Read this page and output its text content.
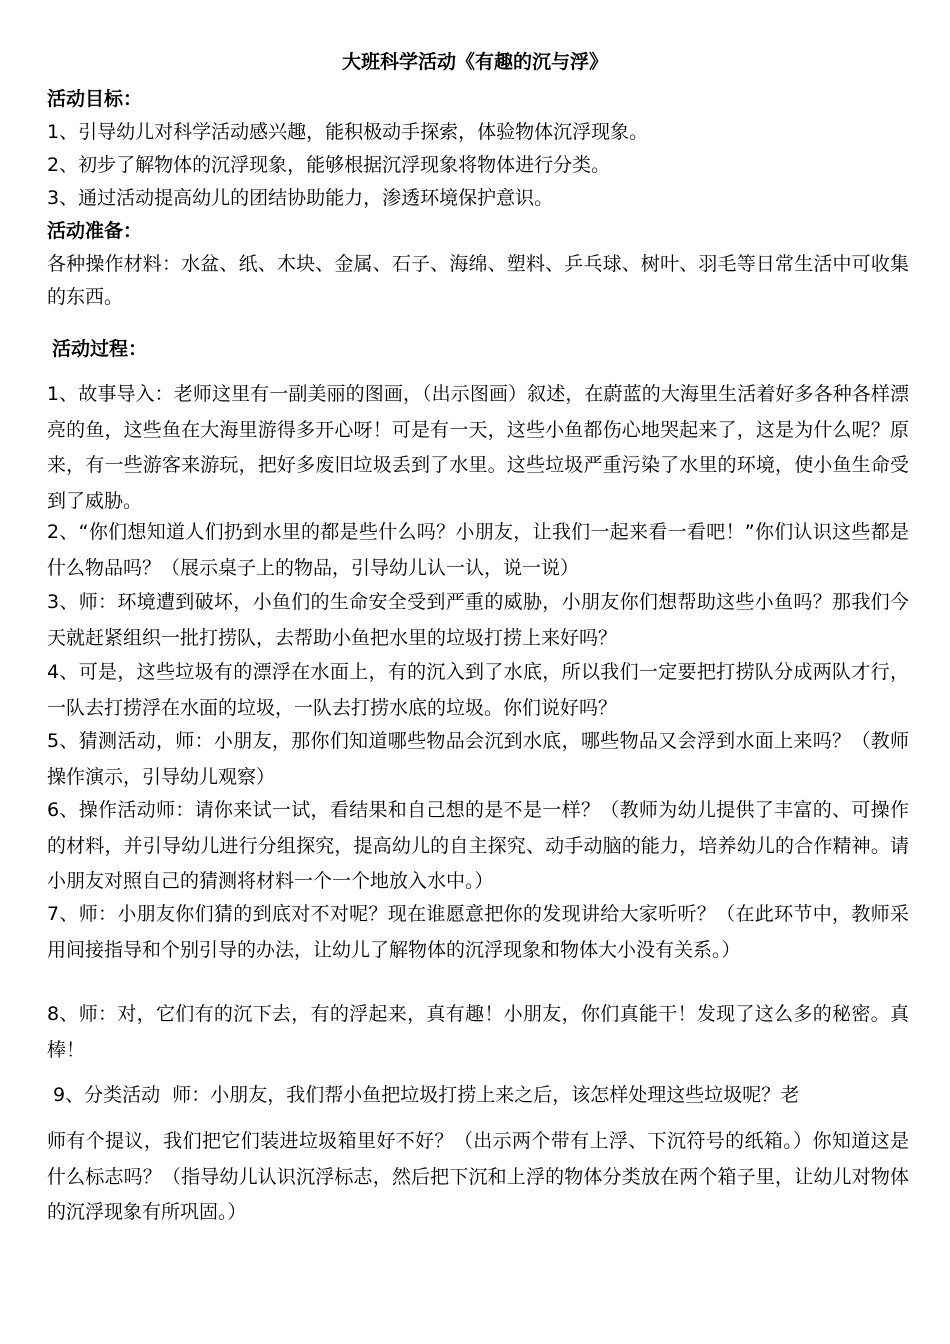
大班科学活动《有趣的沉与浮》
活动目标：
1、引导幼儿对科学活动感兴趣，能积极动手探索，体验物体沉浮现象。
2、初步了解物体的沉浮现象，能够根据沉浮现象将物体进行分类。
3、通过活动提高幼儿的团结协助能力，渗透环境保护意识。
活动准备：
各种操作材料：水盆、纸、木块、金属、石子、海绵、塑料、乒乓球、树叶、羽毛等日常生活中可收集的东西。
活动过程：
1、故事导入：老师这里有一副美丽的图画，（出示图画）叙述，在蔚蓝的大海里生活着好多各种各样漂亮的鱼，这些鱼在大海里游得多开心呀！可是有一天，这些小鱼都伤心地哭起来了，这是为什么呢？原来，有一些游客来游玩，把好多废旧垃圾丢到了水里。这些垃圾严重污染了水里的环境，使小鱼生命受到了威胁。
2、“你们想知道人们扔到水里的都是些什么吗？小朋友，让我们一起来看一看吧！”你们认识这些都是什么物品吗？（展示桌子上的物品，引导幼儿认一认，说一说）
3、师：环境遭到破坏，小鱼们的生命安全受到严重的威胁，小朋友你们想帮助这些小鱼吗？那我们今天就赶紧组织一批打捞队，去帮助小鱼把水里的垃圾打捞上来好吗？
4、可是，这些垃圾有的漂浮在水面上，有的沉入到了水底，所以我们一定要把打捞队分成两队才行，一队去打捞浮在水面的垃圾，一队去打捞水底的垃圾。你们说好吗？
5、猜测活动，师：小朋友，那你们知道哪些物品会沉到水底，哪些物品又会浮到水面上来吗？（教师操作演示，引导幼儿观察）
6、操作活动师：请你来试一试，看结果和自己想的是不是一样？（教师为幼儿提供了丰富的、可操作的材料，并引导幼儿进行分组探究，提高幼儿的自主探究、动手动脑的能力，培养幼儿的合作精神。请小朋友对照自己的猜测将材料一个一个地放入水中。）
7、师：小朋友你们猜的到底对不对呢？现在谁愿意把你的发现讲给大家听听？（在此环节中，教师采用间接指导和个别引导的办法，让幼儿了解物体的沉浮现象和物体大小没有关系。）
8、师：对，它们有的沉下去，有的浮起来，真有趣！小朋友，你们真能干！发现了这么多的秘密。真棒！
9、分类活动  师：小朋友，我们帮小鱼把垃圾打捞上来之后，该怎样处理这些垃圾呢？老
师有个提议，我们把它们装进垃圾箱里好不好？（出示两个带有上浮、下沉符号的纸箱。）你知道这是什么标志吗？（指导幼儿认识沉浮标志，然后把下沉和上浮的物体分类放在两个箱子里，让幼儿对物体的沉浮现象有所巩固。）
